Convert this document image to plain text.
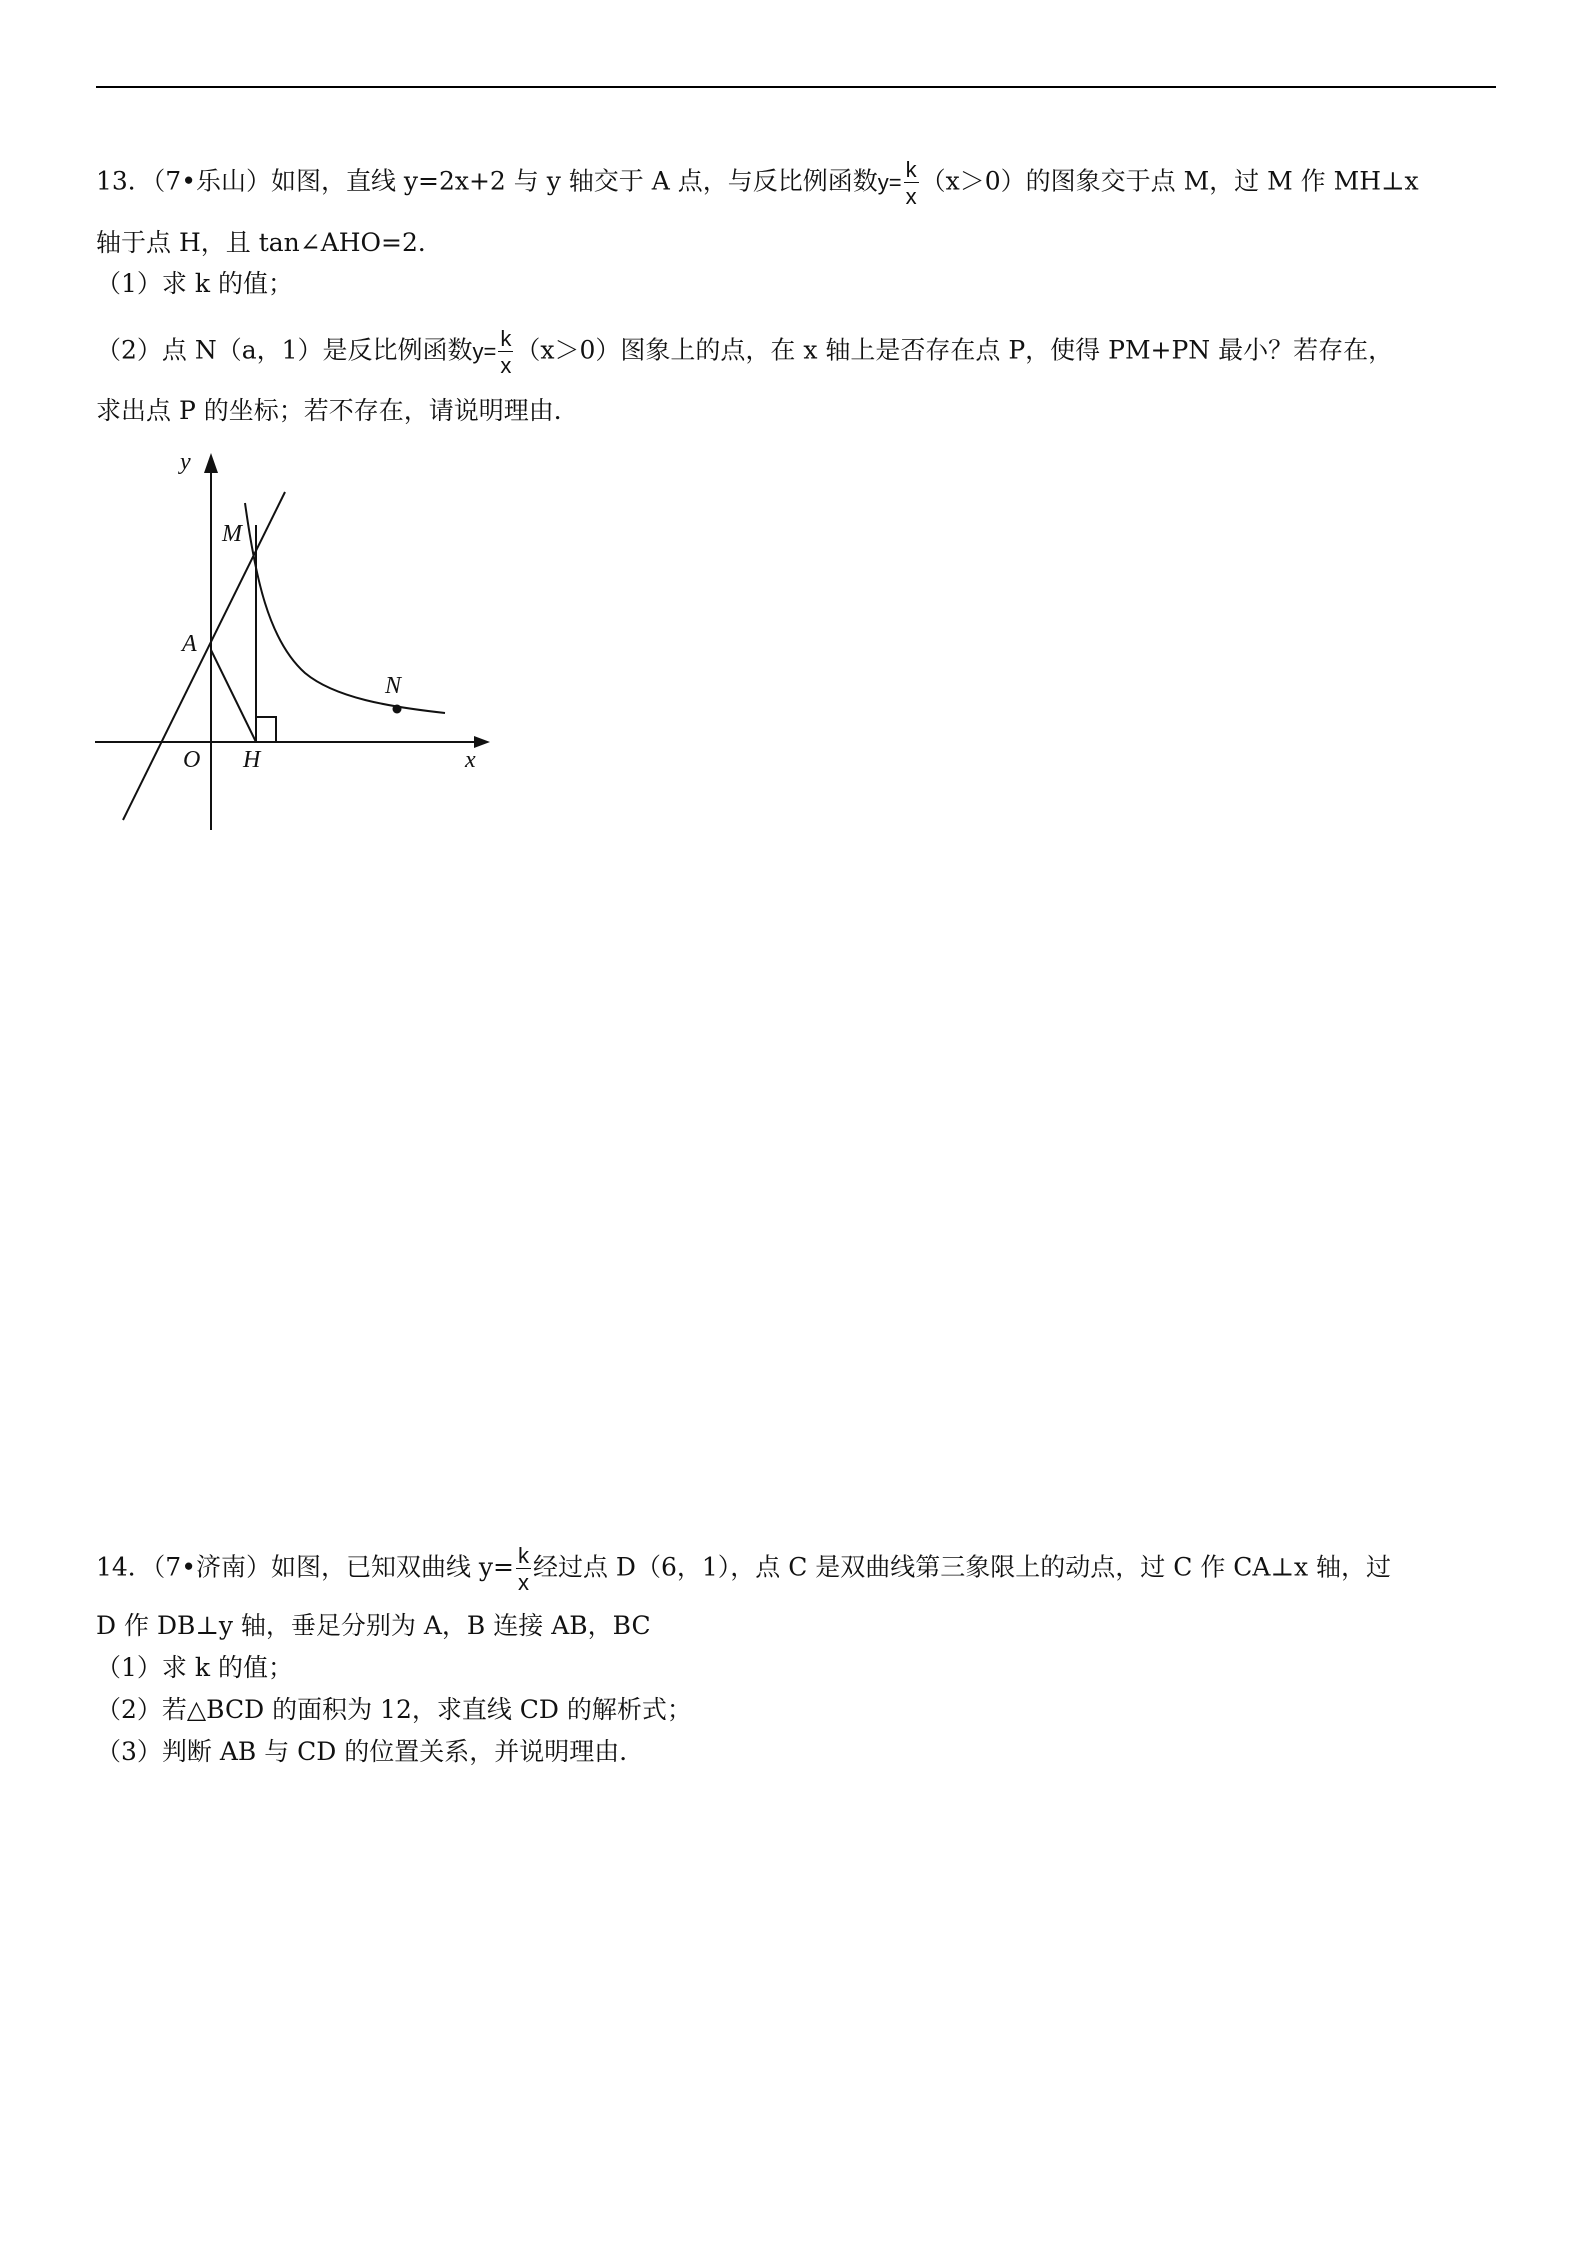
13．（7•乐山）如图，直线 y=2x+2 与 y 轴交于 A 点，与反比例函数$y= \frac{k}{x} (x>0)$的图象交于点 M，过 M 作 MH⊥x
轴于点 H，且 tan∠AHO=2．
（1）求 k 的值；
（2）点 N（a，1）是反比例函数$y= \frac{k}{x} (x>0)$图象上的点，在 x 轴上是否存在点 P，使得 PM+PN 最小？若存在，
求出点 P 的坐标；若不存在，请说明理由．
y
M
A
N
O H	x
14．（7•济南）如图，已知双曲线 $y= \frac{k}{x}$ 经过点 D（6，1），点 C 是双曲线第三象限上的动点，过 C 作 CA⊥x 轴，过
D 作 DB⊥y 轴，垂足分别为 A，B 连接 AB，BC
（1）求 k 的值；
（2）若△BCD 的面积为 12，求直线 CD 的解析式；
（3）判断 AB 与 CD 的位置关系，并说明理由．
